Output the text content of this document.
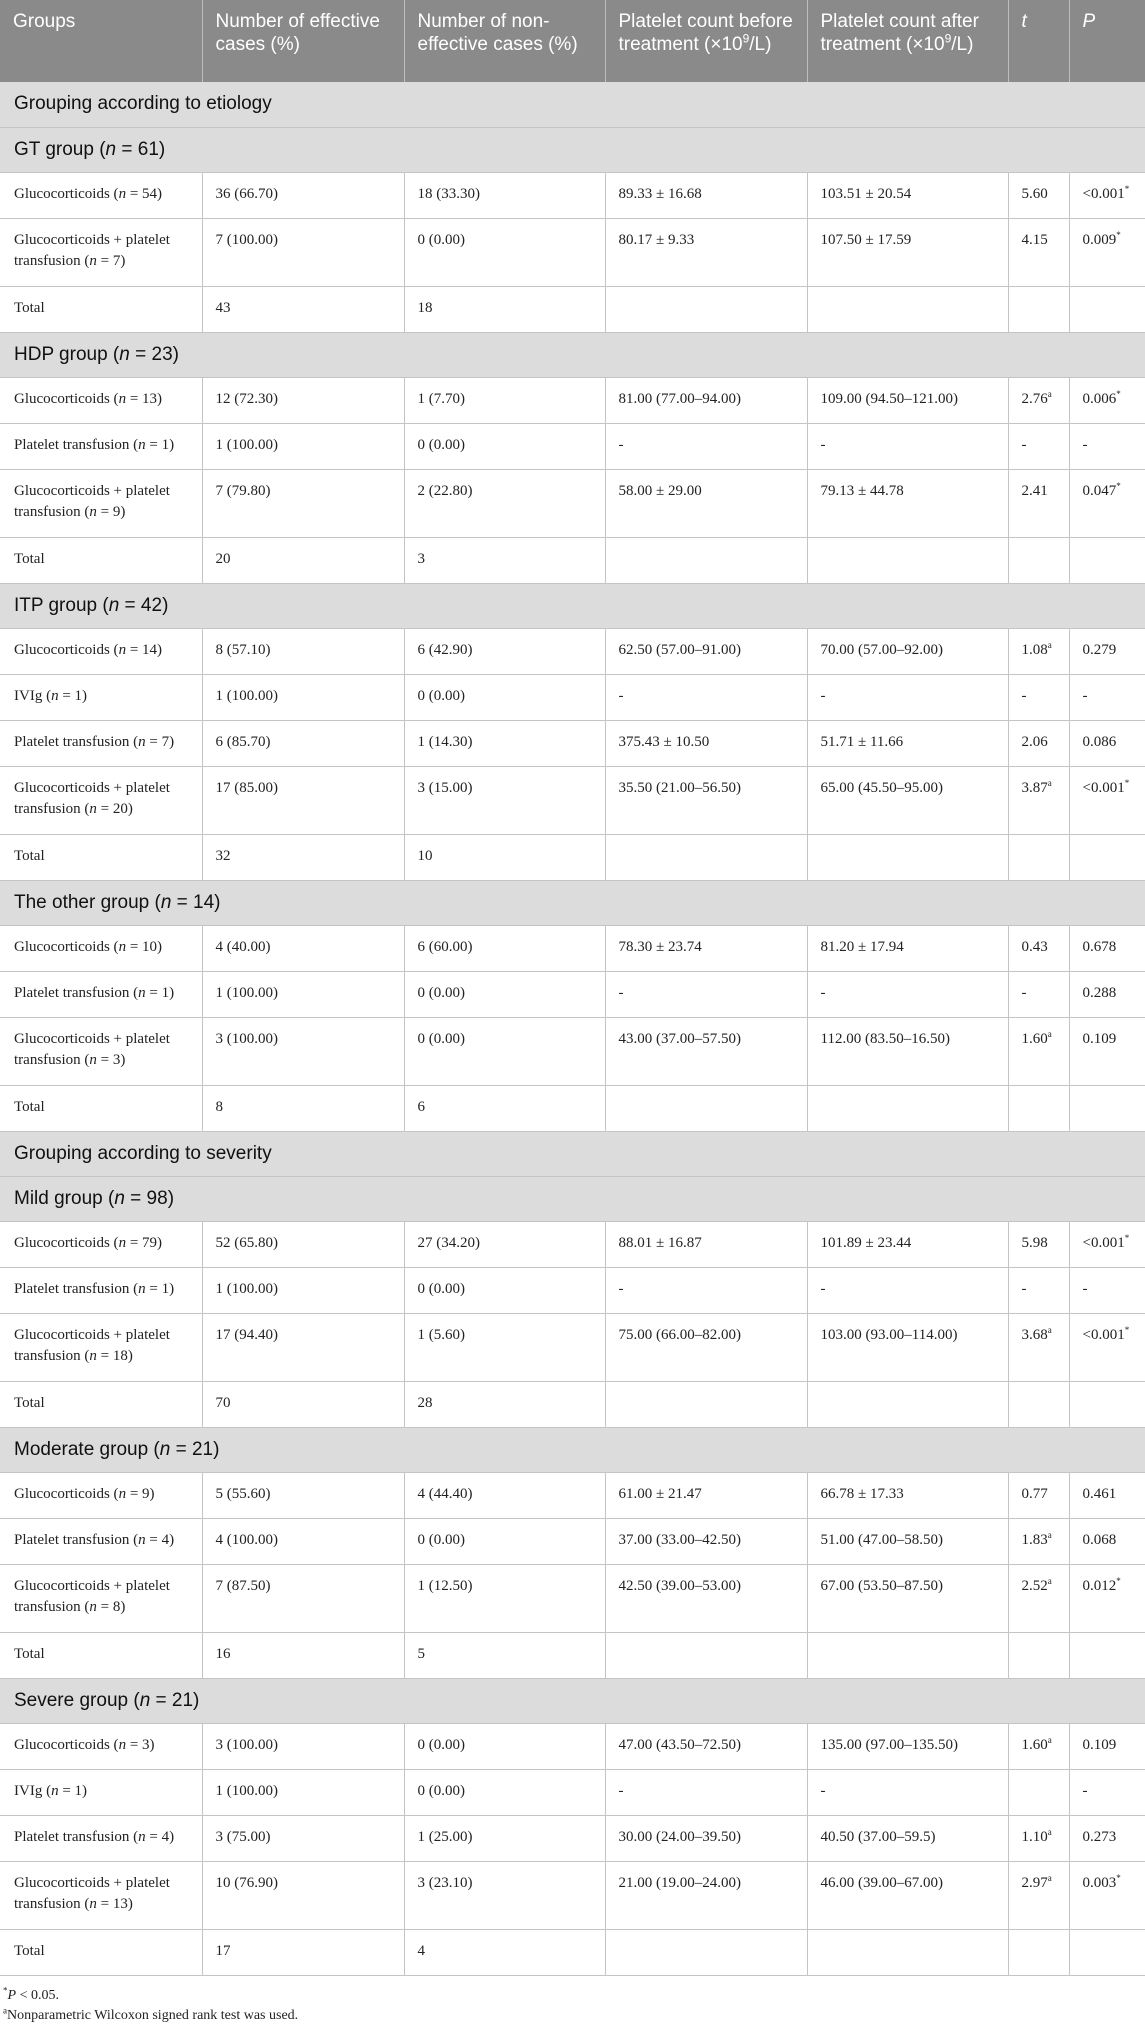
Groups	Number of effective cases (%)	Number of non-effective cases (%)	Platelet count before treatment $(\times 10^9/L)$	Platelet count after treatment $(\times 10^9/L)$	t	P
Grouping according to etiology						
GT group (n = 61)						
Glucocorticoids (n = 54)	36 (66.70)	18 (33.30)	89.33 ± 16.68	103.51 ± 20.54	5.60	<0.001*
Glucocorticoids + platelet transfusion (n = 7)	7 (100.00)	0 (0.00)	80.17 ± 9.33	107.50 ± 17.59	4.15	0.009*
Total	43	18				
HDP group (n = 23)						
Glucocorticoids (n = 13)	12 (72.30)	1 (7.70)	81.00 (77.00–94.00)	109.00 (94.50–121.00)	2.76$^a$	0.006*
Platelet transfusion (n = 1)	1 (100.00)	0 (0.00)	-	-	-	-
Glucocorticoids + platelet transfusion (n = 9)	7 (79.80)	2 (22.80)	58.00 ± 29.00	79.13 ± 44.78	2.41	0.047*
Total	20	3				
ITP group (n = 42)						
Glucocorticoids (n = 14)	8 (57.10)	6 (42.90)	62.50 (57.00–91.00)	70.00 (57.00–92.00)	1.08$^a$	0.279
IVIg (n = 1)	1 (100.00)	0 (0.00)	-	-	-	-
Platelet transfusion (n = 7)	6 (85.70)	1 (14.30)	375.43 ± 10.50	51.71 ± 11.66	2.06	0.086
Glucocorticoids + platelet transfusion (n = 20)	17 (85.00)	3 (15.00)	35.50 (21.00–56.50)	65.00 (45.50–95.00)	3.87$^a$	<0.001*
Total	32	10				
The other group (n = 14)						
Glucocorticoids (n = 10)	4 (40.00)	6 (60.00)	78.30 ± 23.74	81.20 ± 17.94	0.43	0.678
Platelet transfusion (n = 1)	1 (100.00)	0 (0.00)	-	-	-	0.288
Glucocorticoids + platelet transfusion (n = 3)	3 (100.00)	0 (0.00)	43.00 (37.00–57.50)	112.00 (83.50–16.50)	1.60$^a$	0.109
Total	8	6				
Grouping according to severity						
Mild group (n = 98)						
Glucocorticoids (n = 79)	52 (65.80)	27 (34.20)	88.01 ± 16.87	101.89 ± 23.44	5.98	<0.001*
Platelet transfusion (n = 1)	1 (100.00)	0 (0.00)	-	-	-	-
Glucocorticoids + platelet transfusion (n = 18)	17 (94.40)	1 (5.60)	75.00 (66.00–82.00)	103.00 (93.00–114.00)	3.68$^a$	<0.001*
Total	70	28				
Moderate group (n = 21)						
Glucocorticoids (n = 9)	5 (55.60)	4 (44.40)	61.00 ± 21.47	66.78 ± 17.33	0.77	0.461
Platelet transfusion (n = 4)	4 (100.00)	0 (0.00)	37.00 (33.00–42.50)	51.00 (47.00–58.50)	1.83$^a$	0.068
Glucocorticoids + platelet transfusion (n = 8)	7 (87.50)	1 (12.50)	42.50 (39.00–53.00)	67.00 (53.50–87.50)	2.52$^a$	0.012*
Total	16	5				
Severe group (n = 21)						
Glucocorticoids (n = 3)	3 (100.00)	0 (0.00)	47.00 (43.50–72.50)	135.00 (97.00–135.50)	1.60$^a$	0.109
IVIg (n = 1)	1 (100.00)	0 (0.00)	-	-		-
Platelet transfusion (n = 4)	3 (75.00)	1 (25.00)	30.00 (24.00–39.50)	40.50 (37.00–59.5)	1.10$^a$	0.273
Glucocorticoids + platelet transfusion (n = 13)	10 (76.90)	3 (23.10)	21.00 (19.00–24.00)	46.00 (39.00–67.00)	2.97$^a$	0.003*
Total	17	4				
*P < 0.05.
$^a$Nonparametric Wilcoxon signed rank test was used.
